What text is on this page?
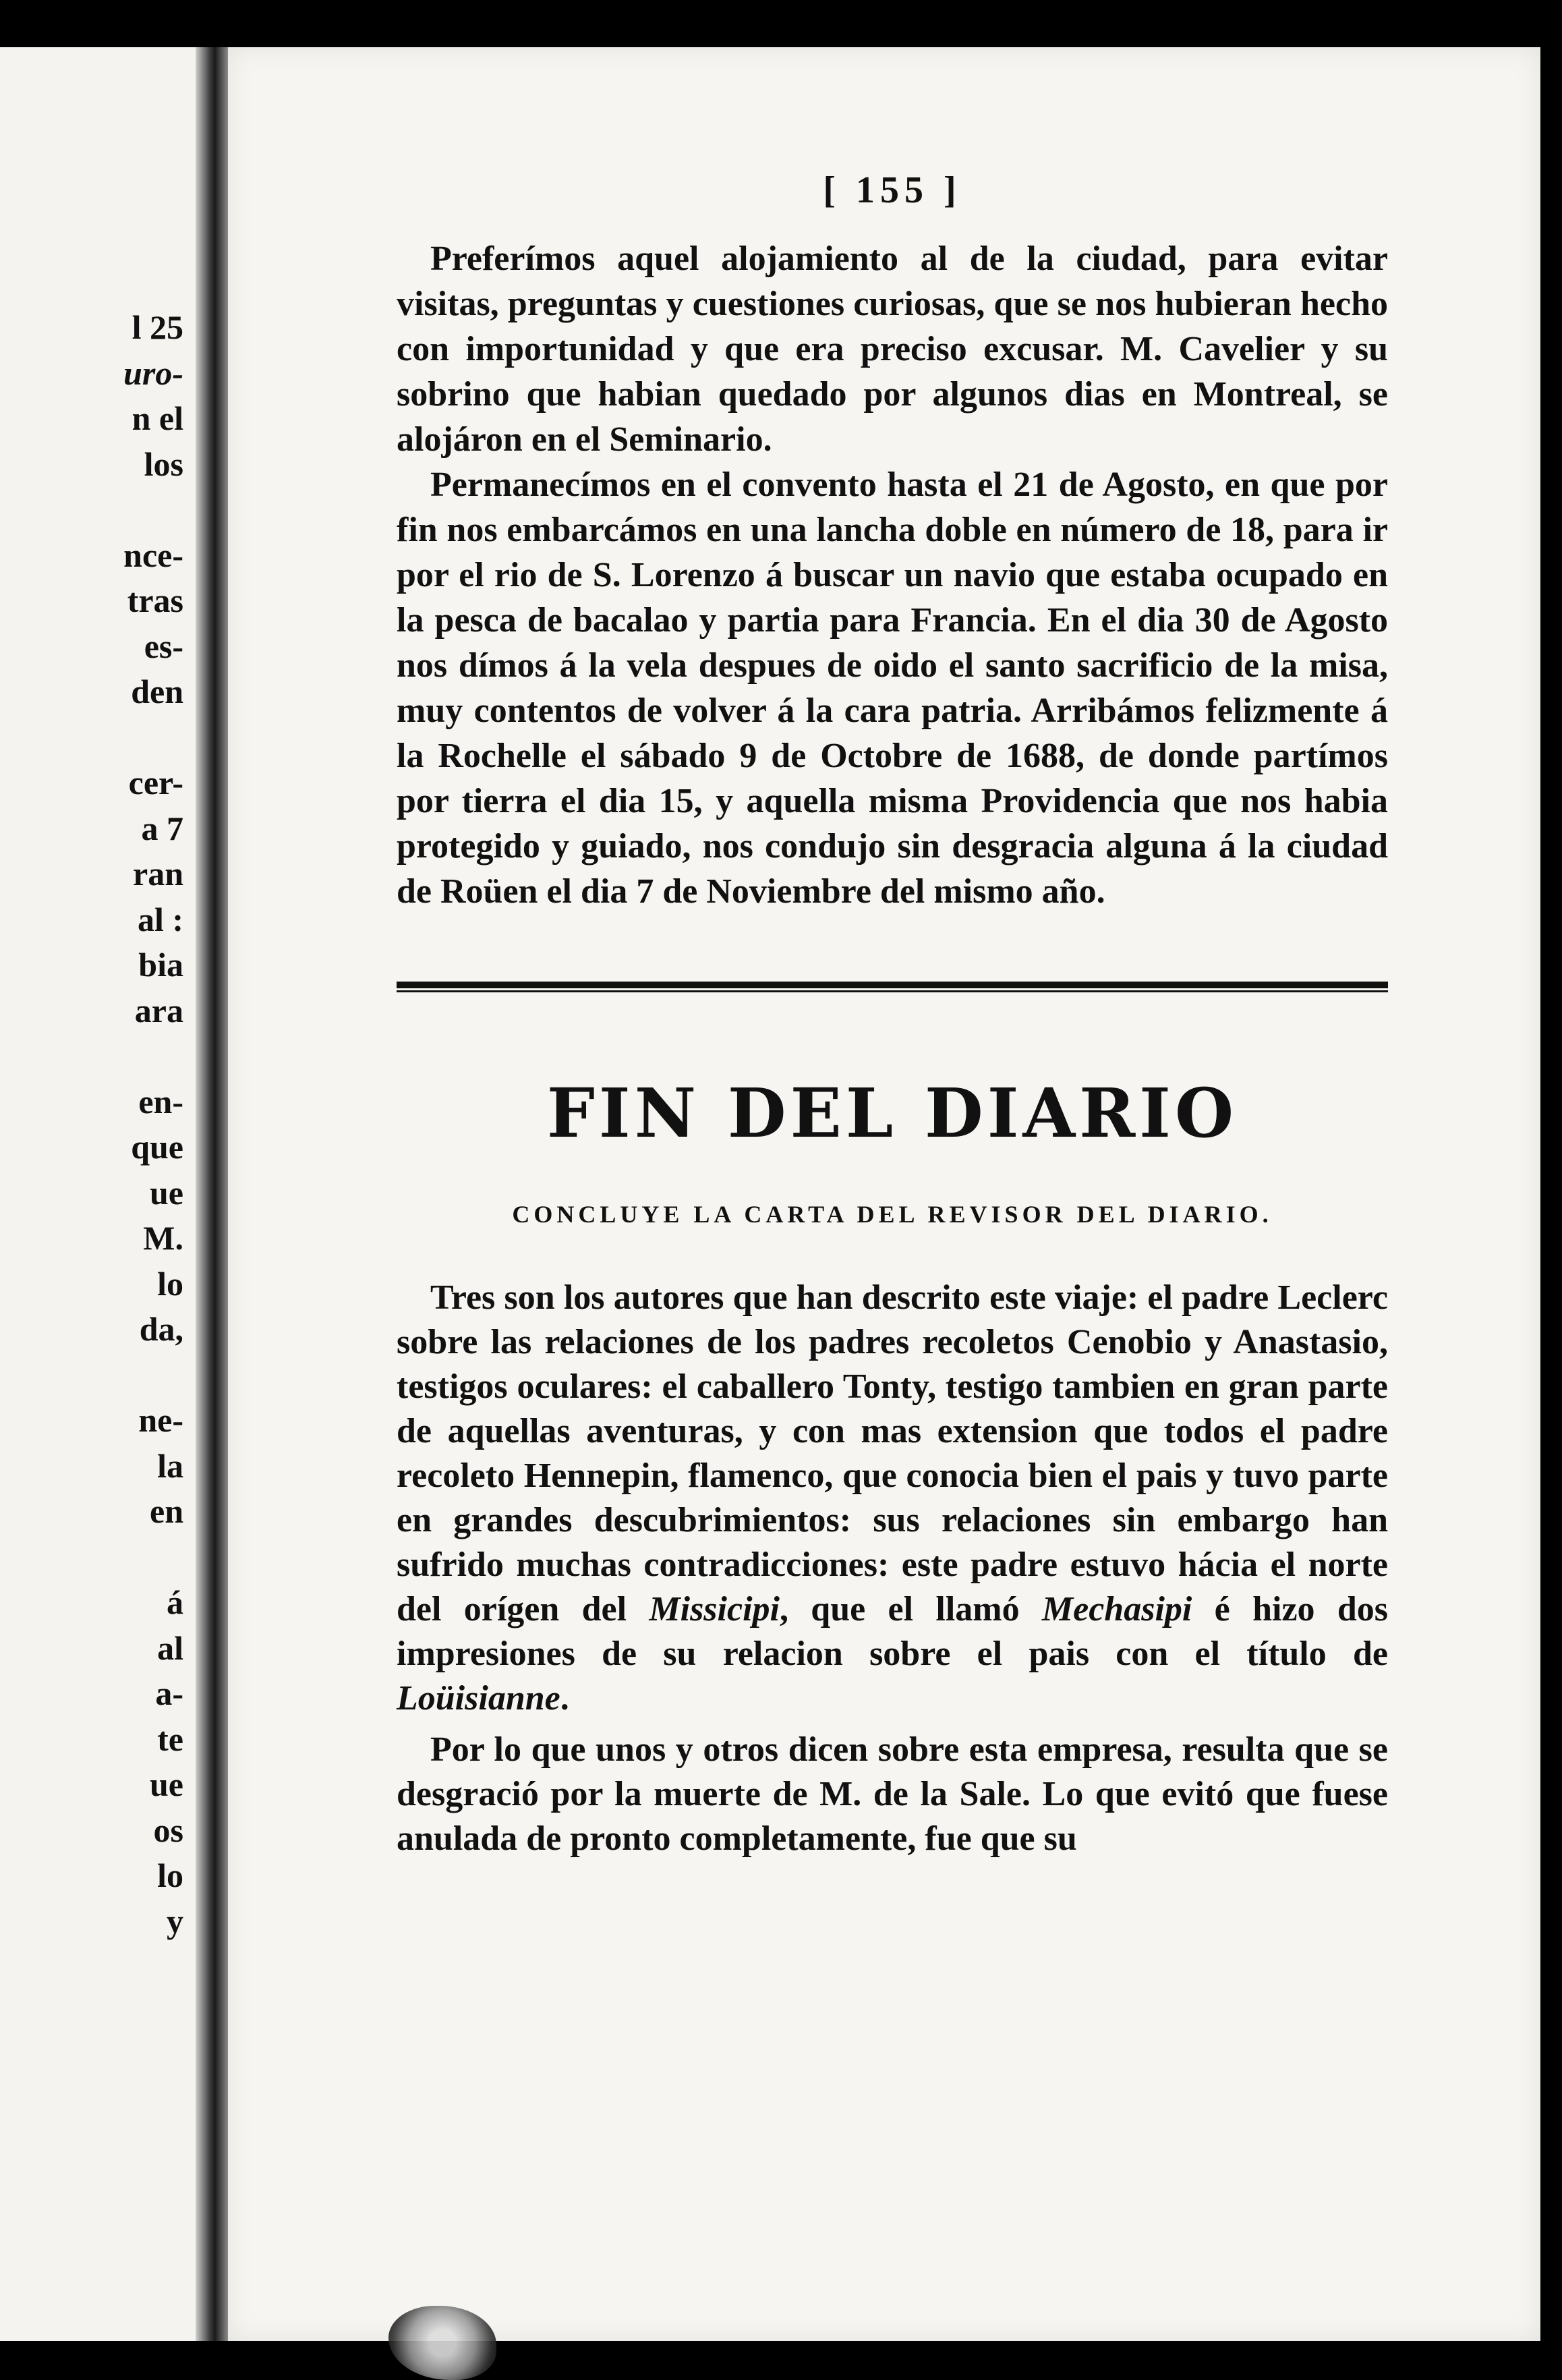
l 25
uro-
n el
los
nce-
tras
es-
den
cer-
a 7
ran
al :
bia
ara
en-
que
ue
M.
lo
da,
ne-
la
en
á
al
a-
te
ue
os
lo
y
[ 155 ]

Preferímos aquel alojamiento al de la ciudad, para evitar visitas, preguntas y cuestiones curiosas, que se nos hubieran hecho con importunidad y que era preciso excusar. M. Cavelier y su sobrino que habian quedado por algunos dias en Montreal, se alojáron en el Seminario.

Permanecímos en el convento hasta el 21 de Agosto, en que por fin nos embarcámos en una lancha doble en número de 18, para ir por el rio de S. Lorenzo á buscar un navio que estaba ocupado en la pesca de bacalao y partia para Francia. En el dia 30 de Agosto nos dímos á la vela despues de oido el santo sacrificio de la misa, muy contentos de volver á la cara patria. Arribámos felizmente á la Rochelle el sábado 9 de Octobre de 1688, de donde partímos por tierra el dia 15, y aquella misma Providencia que nos habia protegido y guiado, nos condujo sin desgracia alguna á la ciudad de Roüen el dia 7 de Noviembre del mismo año.

FIN DEL DIARIO
CONCLUYE LA CARTA DEL REVISOR DEL DIARIO.

Tres son los autores que han descrito este viaje: el padre Leclerc sobre las relaciones de los padres recoletos Cenobio y Anastasio, testigos oculares: el caballero Tonty, testigo tambien en gran parte de aquellas aventuras, y con mas extension que todos el padre recoleto Hennepin, flamenco, que conocia bien el pais y tuvo parte en grandes descubrimientos: sus relaciones sin embargo han sufrido muchas contradicciones: este padre estuvo hácia el norte del orígen del Missicipi, que el llamó Mechasipi é hizo dos impresiones de su relacion sobre el pais con el título de Loüisianne.

Por lo que unos y otros dicen sobre esta empresa, resulta que se desgració por la muerte de M. de la Sale. Lo que evitó que fuese anulada de pronto completamente, fue que su
